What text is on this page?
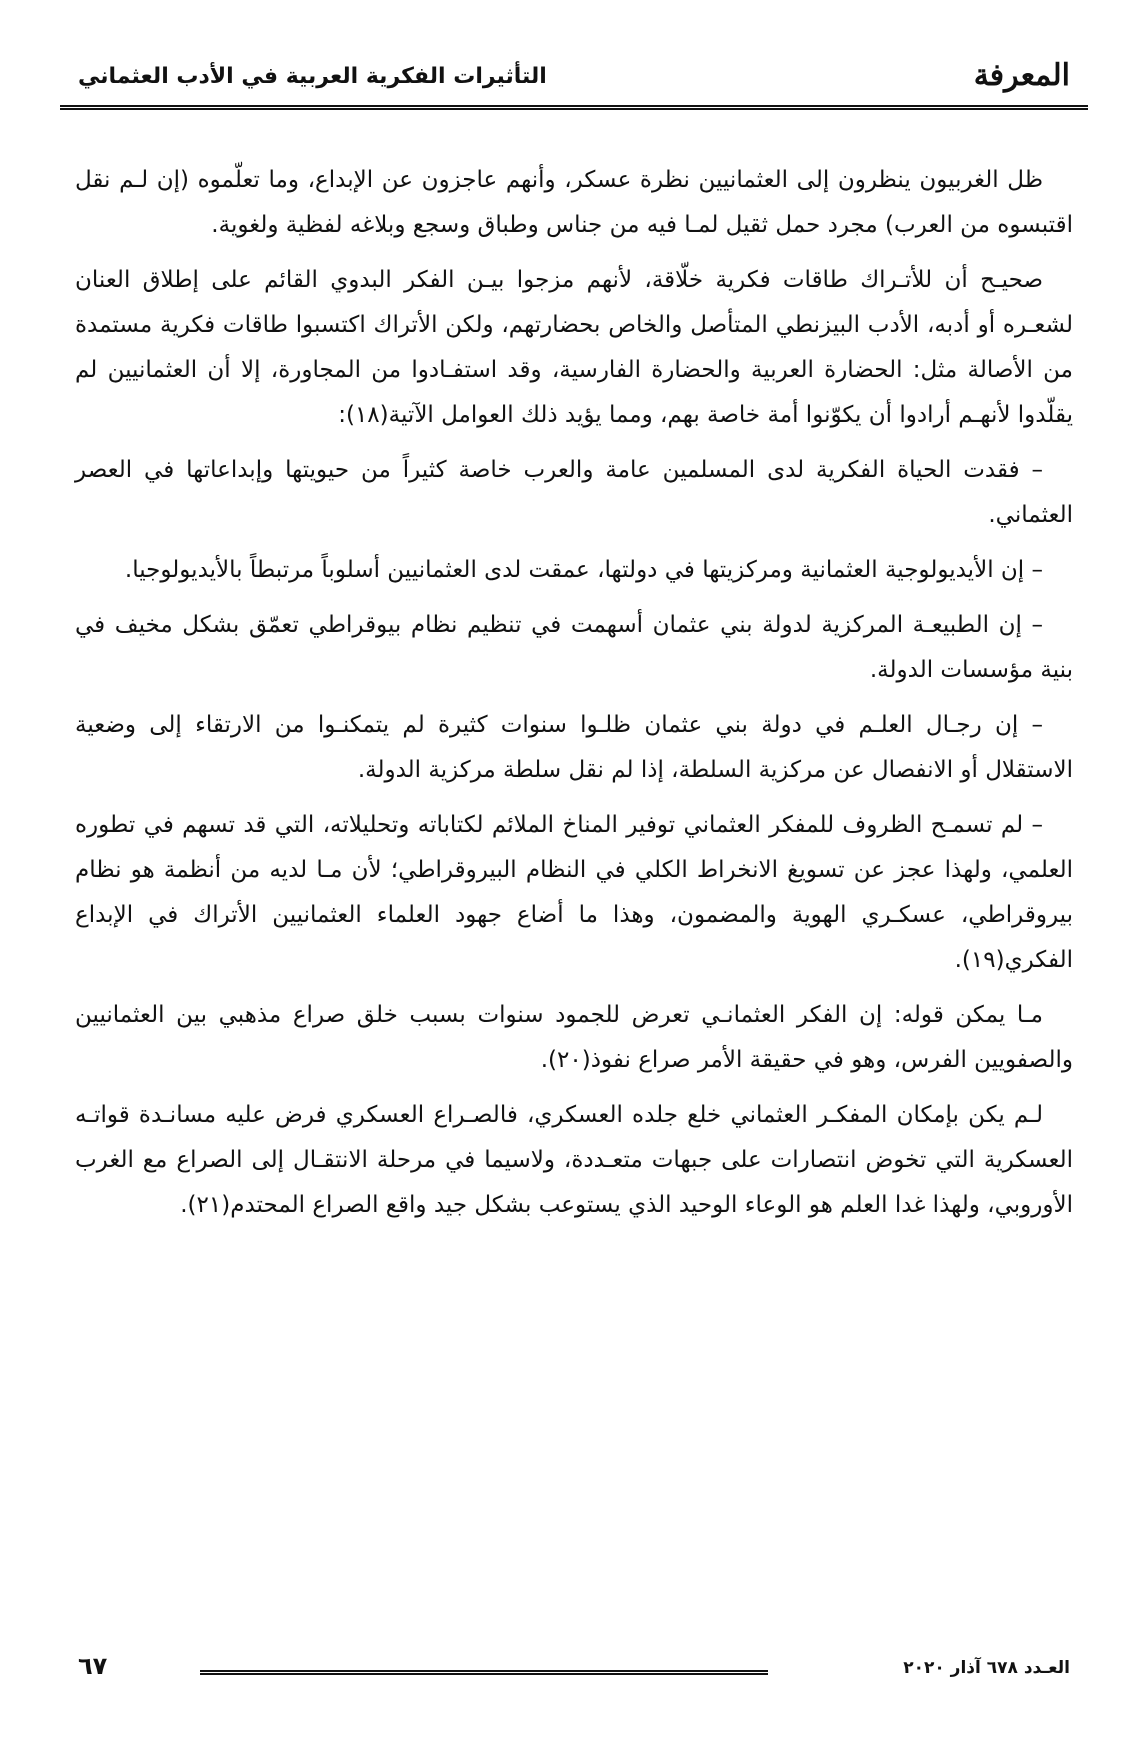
المعرفة
التأثيرات الفكرية العربية في الأدب العثماني

ظل الغربيون ينظرون إلى العثمانيين نظرة عسكر، وأنهم عاجزون عن الإبداع، وما تعلّموه (إن لـم نقل اقتبسوه من العرب) مجرد حمل ثقيل لمـا فيه من جناس وطباق وسجع وبلاغه لفظية ولغوية.

صحيـح أن للأتـراك طاقات فكرية خلّاقة، لأنهم مزجوا بيـن الفكر البدوي القائم على إطلاق العنان لشعـره أو أدبه، الأدب البيزنطي المتأصل والخاص بحضارتهم، ولكن الأتراك اكتسبوا طاقات فكرية مستمدة من الأصالة مثل: الحضارة العربية والحضارة الفارسية، وقد استفـادوا من المجاورة، إلا أن العثمانيين لم يقلّدوا لأنهـم أرادوا أن يكوّنوا أمة خاصة بهم، ومما يؤيد ذلك العوامل الآتية(١٨):

– فقدت الحياة الفكرية لدى المسلمين عامة والعرب خاصة كثيراً من حيويتها وإبداعاتها في العصر العثماني.

– إن الأيديولوجية العثمانية ومركزيتها في دولتها، عمقت لدى العثمانيين أسلوباً مرتبطاً بالأيديولوجيا.

– إن الطبيعـة المركزية لدولة بني عثمان أسهمت في تنظيم نظام بيوقراطي تعمّق بشكل مخيف في بنية مؤسسات الدولة.

– إن رجـال العلـم في دولة بني عثمان ظلـوا سنوات كثيرة لم يتمكنـوا من الارتقاء إلى وضعية الاستقلال أو الانفصال عن مركزية السلطة، إذا لم نقل سلطة مركزية الدولة.

– لم تسمـح الظروف للمفكر العثماني توفير المناخ الملائم لكتاباته وتحليلاته، التي قد تسهم في تطوره العلمي، ولهذا عجز عن تسويغ الانخراط الكلي في النظام البيروقراطي؛ لأن مـا لديه من أنظمة هو نظام بيروقراطي، عسكـري الهوية والمضمون، وهذا ما أضاع جهود العلماء العثمانيين الأتراك في الإبداع الفكري(١٩).

مـا يمكن قوله: إن الفكر العثمانـي تعرض للجمود سنوات بسبب خلق صراع مذهبي بين العثمانيين والصفويين الفرس، وهو في حقيقة الأمر صراع نفوذ(٢٠).

لـم يكن بإمكان المفكـر العثماني خلع جلده العسكري، فالصـراع العسكري فرض عليه مسانـدة قواتـه العسكرية التي تخوض انتصارات على جبهات متعـددة، ولاسيما في مرحلة الانتقـال إلى الصراع مع الغرب الأوروبي، ولهذا غدا العلم هو الوعاء الوحيد الذي يستوعب بشكل جيد واقع الصراع المحتدم(٢١).

العـدد ٦٧٨ آذار ٢٠٢٠
٦٧
